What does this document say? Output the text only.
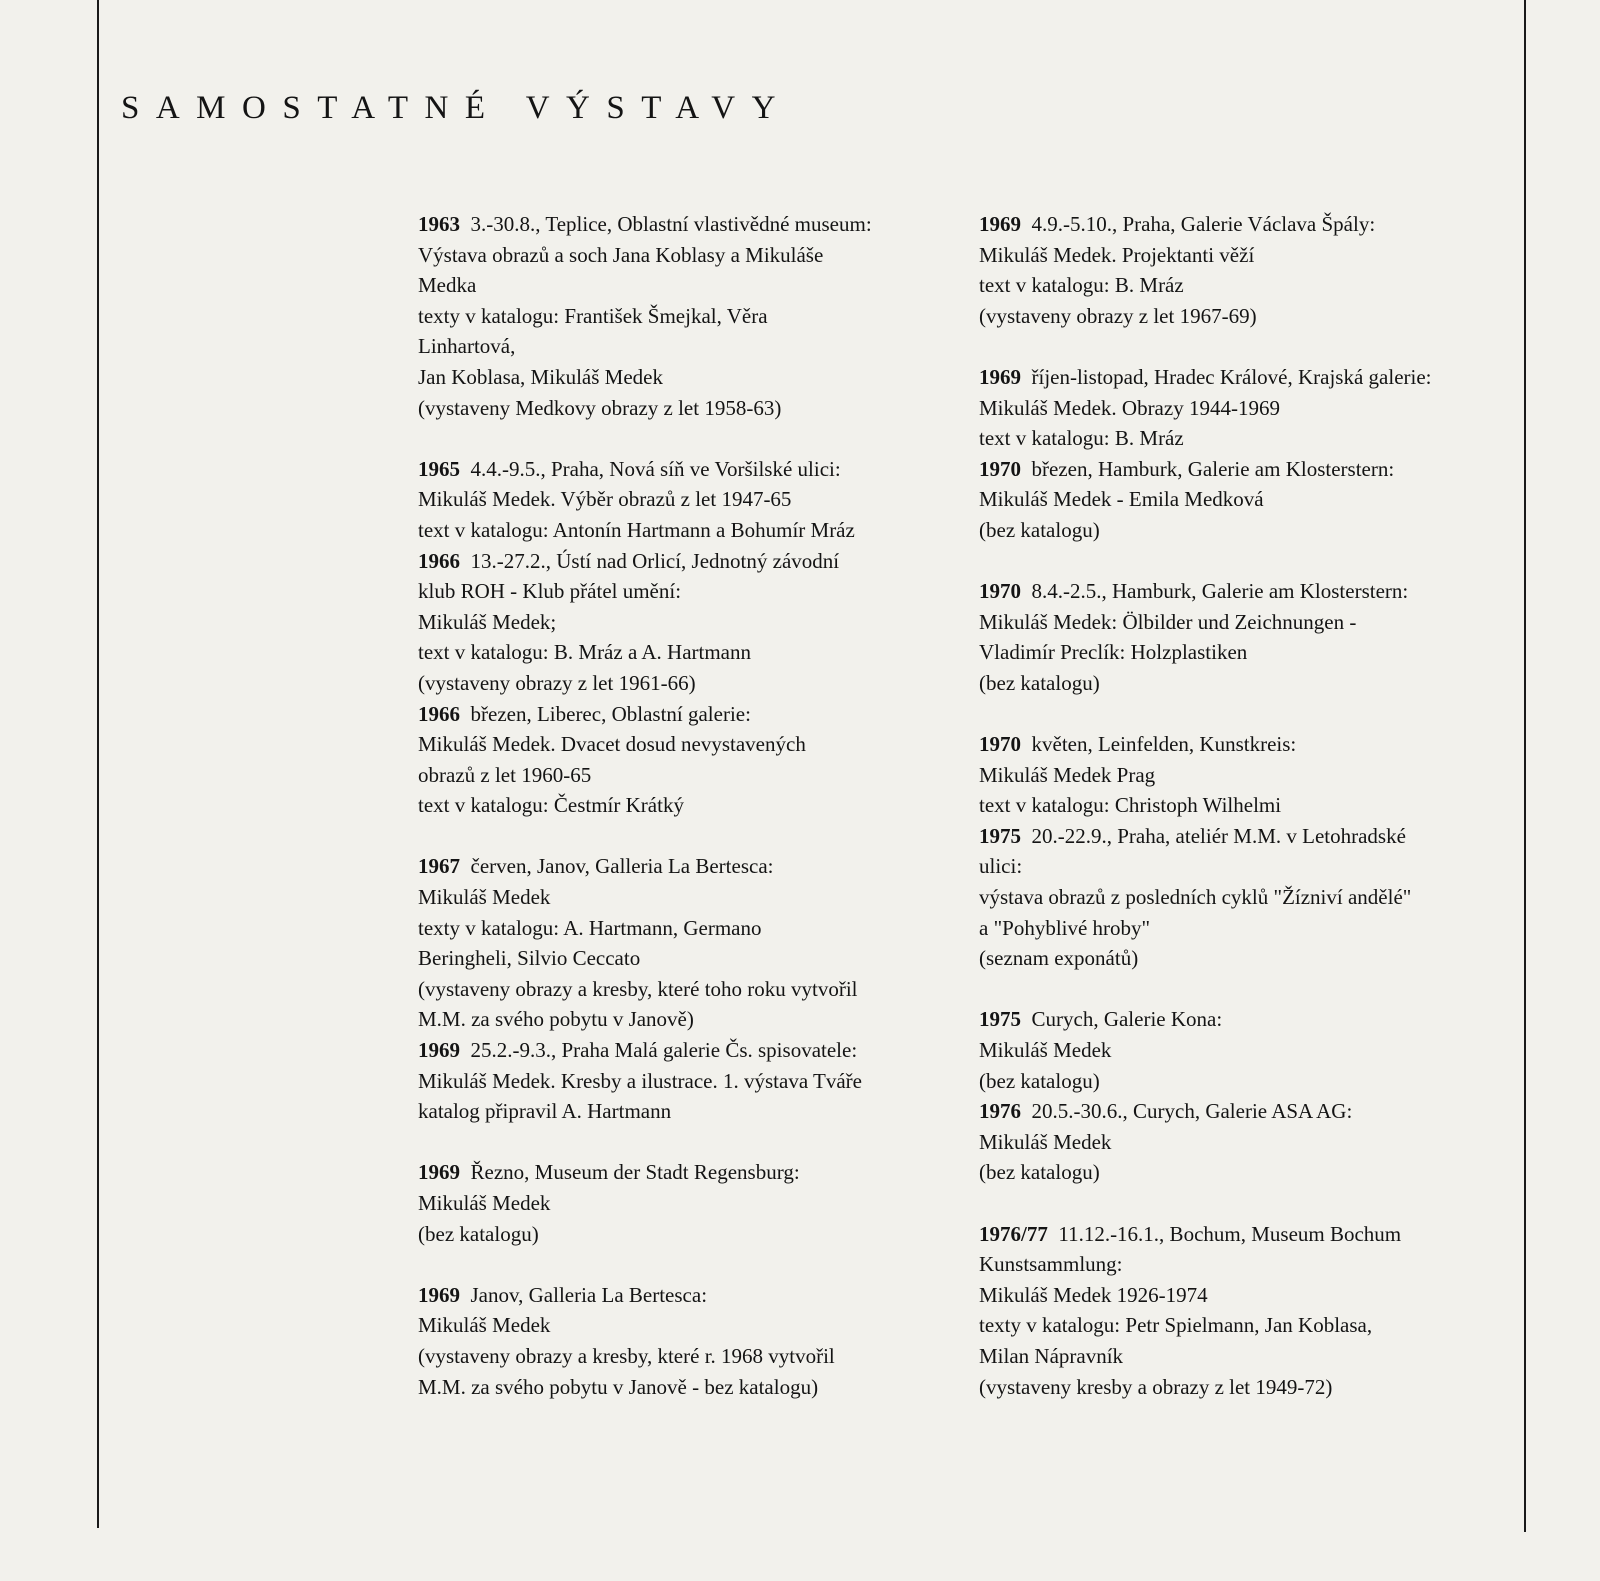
SAMOSTATNÉ VÝSTAVY
1963 3.-30.8., Teplice, Oblastní vlastivědné museum:
Výstava obrazů a soch Jana Koblasy a Mikuláše
Medka
texty v katalogu: František Šmejkal, Věra
Linhartová,
Jan Koblasa, Mikuláš Medek
(vystaveny Medkovy obrazy z let 1958-63)
1965 4.4.-9.5., Praha, Nová síň ve Voršilské ulici:
Mikuláš Medek. Výběr obrazů z let 1947-65
text v katalogu: Antonín Hartmann a Bohumír Mráz
1966 13.-27.2., Ústí nad Orlicí, Jednotný závodní
klub ROH - Klub přátel umění:
Mikuláš Medek;
text v katalogu: B. Mráz a A. Hartmann
(vystaveny obrazy z let 1961-66)
1966 březen, Liberec, Oblastní galerie:
Mikuláš Medek. Dvacet dosud nevystavených
obrazů z let 1960-65
text v katalogu: Čestmír Krátký
1967 červen, Janov, Galleria La Bertesca:
Mikuláš Medek
texty v katalogu: A. Hartmann, Germano
Beringheli, Silvio Ceccato
(vystaveny obrazy a kresby, které toho roku vytvořil
M.M. za svého pobytu v Janově)
1969 25.2.-9.3., Praha Malá galerie Čs. spisovatele:
Mikuláš Medek. Kresby a ilustrace. 1. výstava Tváře
katalog připravil A. Hartmann
1969 Řezno, Museum der Stadt Regensburg:
Mikuláš Medek
(bez katalogu)
1969 Janov, Galleria La Bertesca:
Mikuláš Medek
(vystaveny obrazy a kresby, které r. 1968 vytvořil
M.M. za svého pobytu v Janově - bez katalogu)
1969 4.9.-5.10., Praha, Galerie Václava Špály:
Mikuláš Medek. Projektanti věží
text v katalogu: B. Mráz
(vystaveny obrazy z let 1967-69)
1969 říjen-listopad, Hradec Králové, Krajská galerie:
Mikuláš Medek. Obrazy 1944-1969
text v katalogu: B. Mráz
1970 březen, Hamburk, Galerie am Klosterstern:
Mikuláš Medek - Emila Medková
(bez katalogu)
1970 8.4.-2.5., Hamburk, Galerie am Klosterstern:
Mikuláš Medek: Ölbilder und Zeichnungen -
Vladimír Preclík: Holzplastiken
(bez katalogu)
1970 květen, Leinfelden, Kunstkreis:
Mikuláš Medek Prag
text v katalogu: Christoph Wilhelmi
1975 20.-22.9., Praha, ateliér M.M. v Letohradské
ulici:
výstava obrazů z posledních cyklů "Žízniví andělé"
a "Pohyblivé hroby"
(seznam exponátů)
1975 Curych, Galerie Kona:
Mikuláš Medek
(bez katalogu)
1976 20.5.-30.6., Curych, Galerie ASA AG:
Mikuláš Medek
(bez katalogu)
1976/77 11.12.-16.1., Bochum, Museum Bochum
Kunstsammlung:
Mikuláš Medek 1926-1974
texty v katalogu: Petr Spielmann, Jan Koblasa,
Milan Nápravník
(vystaveny kresby a obrazy z let 1949-72)
